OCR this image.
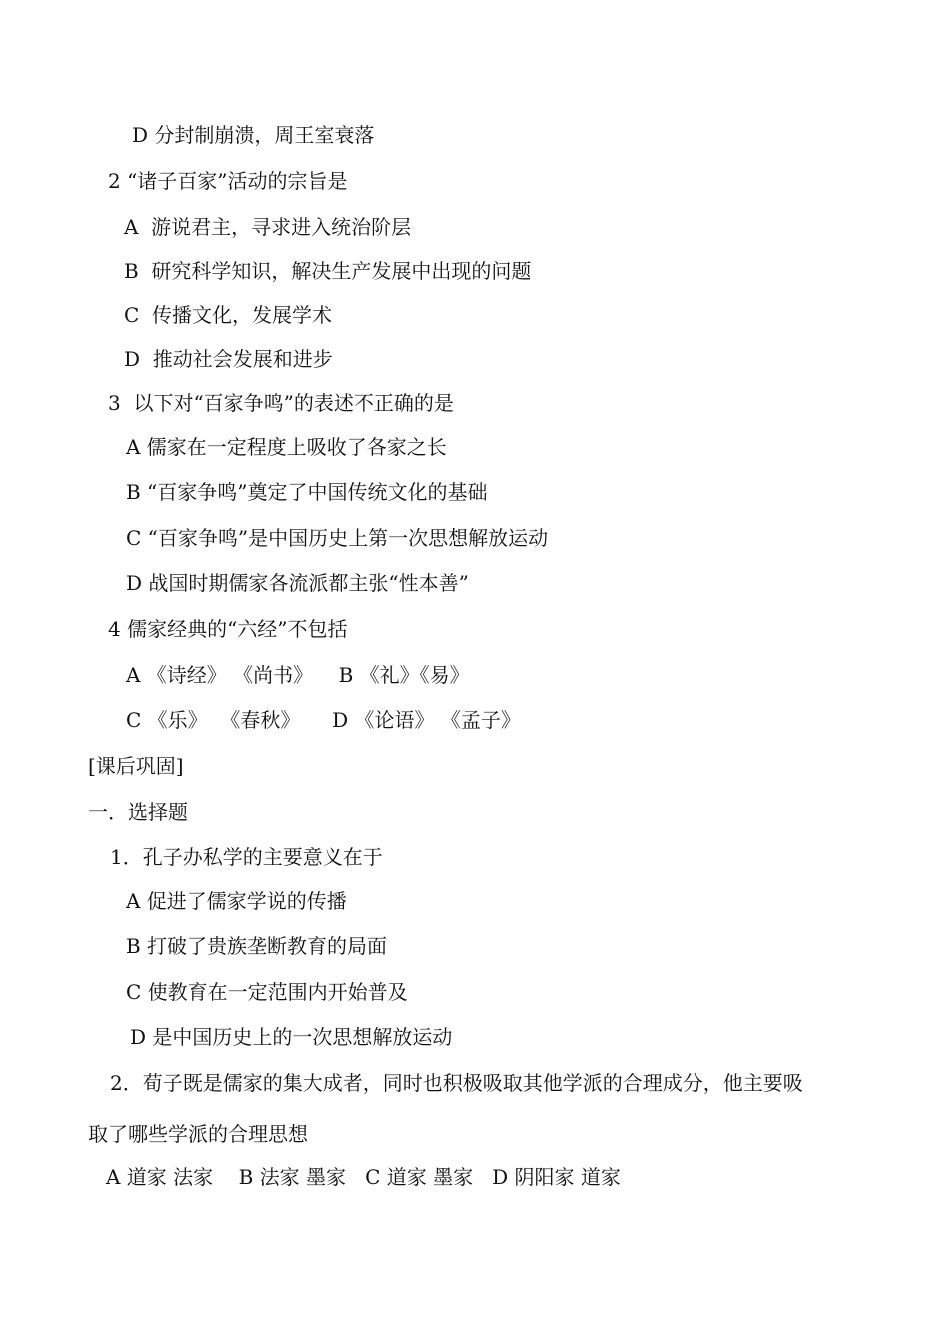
D 分封制崩溃，周王室衰落
2 “诸子百家”活动的宗旨是
A  游说君主，寻求进入统治阶层
B  研究科学知识，解决生产发展中出现的问题
C  传播文化，发展学术
D  推动社会发展和进步
3  以下对“百家争鸣”的表述不正确的是
A 儒家在一定程度上吸收了各家之长
B “百家争鸣”奠定了中国传统文化的基础
C “百家争鸣”是中国历史上第一次思想解放运动
D 战国时期儒家各流派都主张“性本善”
4 儒家经典的“六经”不包括
A 《诗经》 《尚书》    B 《礼》《易》
C 《乐》  《春秋》     D 《论语》 《孟子》
[课后巩固]
一．选择题
1．孔子办私学的主要意义在于
A 促进了儒家学说的传播
B 打破了贵族垄断教育的局面
C 使教育在一定范围内开始普及
D 是中国历史上的一次思想解放运动
2．荀子既是儒家的集大成者，同时也积极吸取其他学派的合理成分，他主要吸
取了哪些学派的合理思想
A 道家 法家    B 法家 墨家   C 道家 墨家   D 阴阳家 道家
